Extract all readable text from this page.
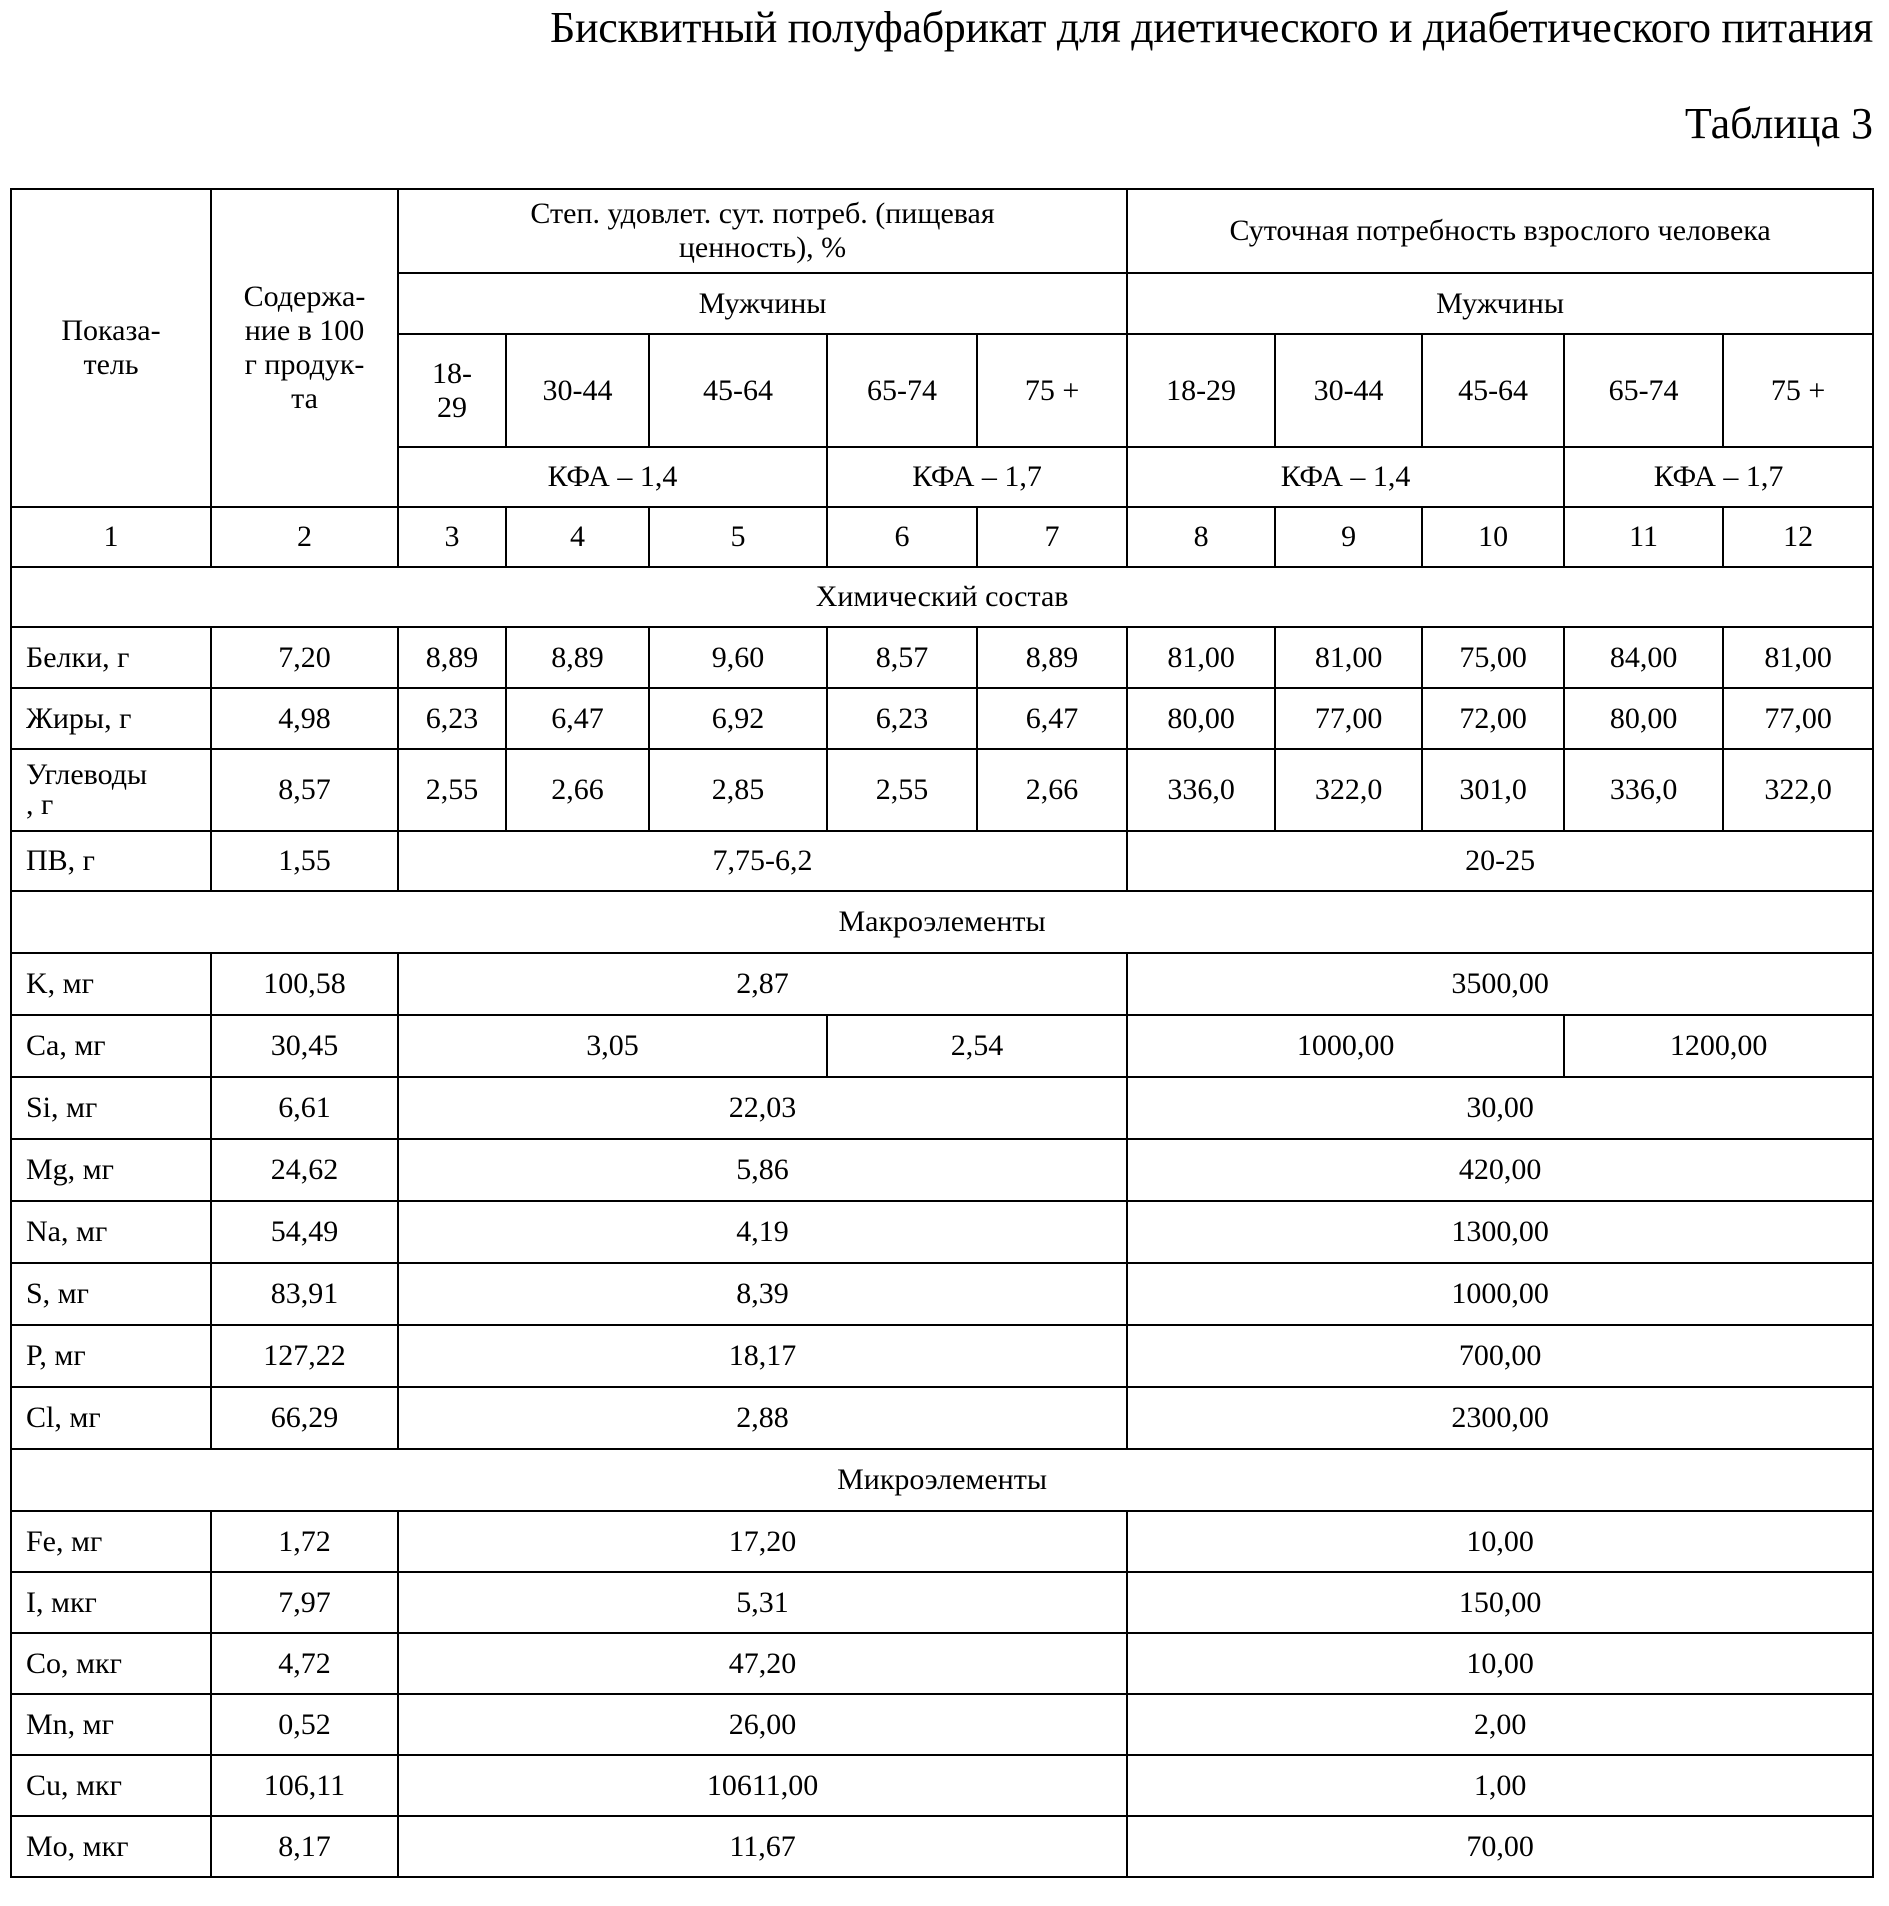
Бисквитный полуфабрикат для диетического и диабетического питания
Таблица 3
Показа-
тель	Содержа-
ние в 100
г продук-
та	Степ. удовлет. сут. потреб. (пищевая
ценность), %	Суточная потребность взрослого человека
Мужчины	Мужчины
18-
29	30-44	45-64	65-74	75 +	18-29	30-44	45-64	65-74	75 +
КФА – 1,4	КФА – 1,7	КФА – 1,4	КФА – 1,7
1	2	3	4	5	6	7	8	9	10	11	12
Химический состав

Белки, г	7,20	8,89	8,89	9,60	8,57	8,89	81,00	81,00	75,00	84,00	81,00

Жиры, г	4,98	6,23	6,47	6,92	6,23	6,47	80,00	77,00	72,00	80,00	77,00

Углеводы
, г	8,57	2,55	2,66	2,85	2,55	2,66	336,0	322,0	301,0	336,0	322,0
ПВ, г	1,55	7,75-6,2	20-25
Макроэлементы
K, мг	100,58	2,87	3500,00
Ca, мг	30,45	3,05	2,54	1000,00	1200,00
Si, мг	6,61	22,03	30,00
Mg, мг	24,62	5,86	420,00
Na, мг	54,49	4,19	1300,00
S, мг	83,91	8,39	1000,00
P, мг	127,22	18,17	700,00
Cl, мг	66,29	2,88	2300,00
Микроэлементы
Fe, мг	1,72	17,20	10,00
I, мкг	7,97	5,31	150,00
Co, мкг	4,72	47,20	10,00
Mn, мг	0,52	26,00	2,00
Cu, мкг	106,11	10611,00	1,00
Mo, мкг	8,17	11,67	70,00
